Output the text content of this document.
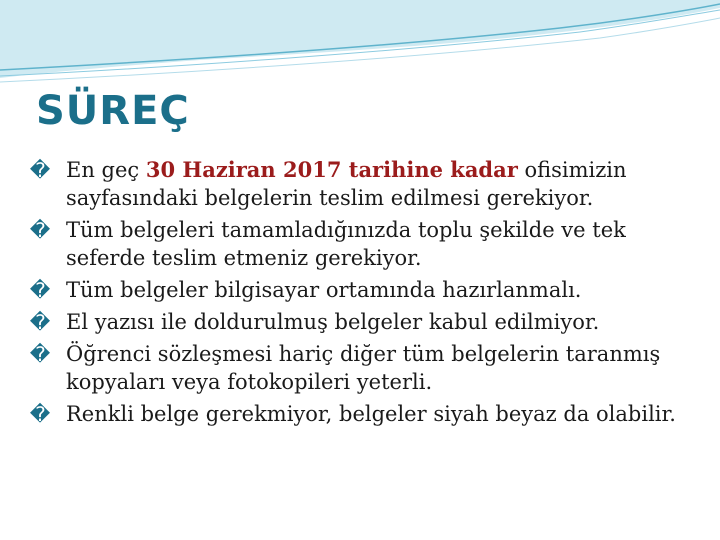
SÜREÇ
� En geç 30 Haziran 2017 tarihine kadar ofisimizin sayfasındaki belgelerin teslim edilmesi gerekiyor.
� Tüm belgeleri tamamladığınızda toplu şekilde ve tek seferde teslim etmeniz gerekiyor.
� Tüm belgeler bilgisayar ortamında hazırlanmalı.
� El yazısı ile doldurulmuş belgeler kabul edilmiyor.
� Öğrenci sözleşmesi hariç diğer tüm belgelerin taranmış kopyaları veya fotokopileri yeterli.
� Renkli belge gerekmiyor, belgeler siyah beyaz da olabilir.
